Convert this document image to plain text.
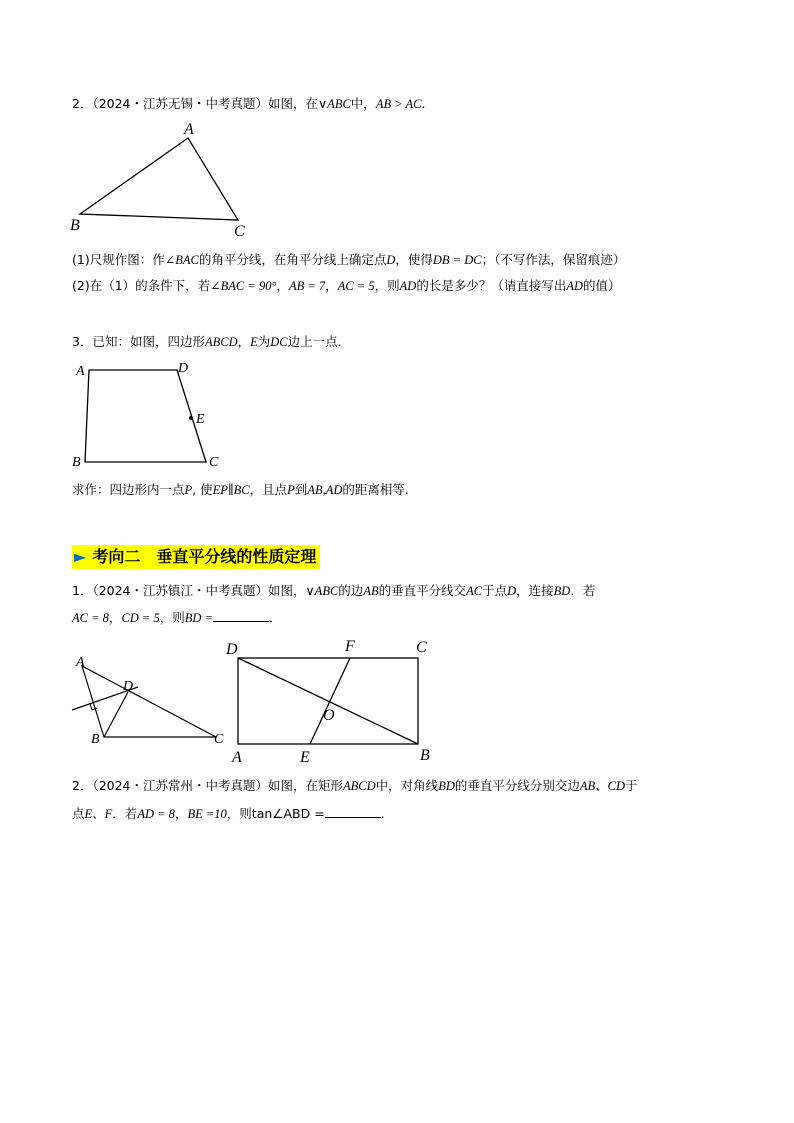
2．（2024・江苏无锡・中考真题）如图，在∨ABC中，AB > AC．
A
B	C
(1)尺规作图：作∠BAC的角平分线，在角平分线上确定点D，使得DB = DC；（不写作法，保留痕迹）
(2)在（1）的条件下，若∠BAC = 90°，AB = 7，AC = 5，则AD的长是多少？（请直接写出AD的值）
3．已知：如图，四边形ABCD，E为DC边上一点．
A	D
E
B	C
求作：四边形内一点P, 使EP∥BC，且点P到AB,AD的距离相等．
► 考向二　垂直平分线的性质定理
1．（2024・江苏镇江・中考真题）如图，∨ABC的边AB的垂直平分线交AC于点D，连接BD．若
AC = 8，CD = 5，则BD =	．
A
D
B	C
D	F	C
O
A	E	B
2．（2024・江苏常州・中考真题）如图，在矩形ABCD中，对角线BD的垂直平分线分别交边AB、CD于
点E、F．若AD = 8，BE =10，则tan∠ABD =	．
